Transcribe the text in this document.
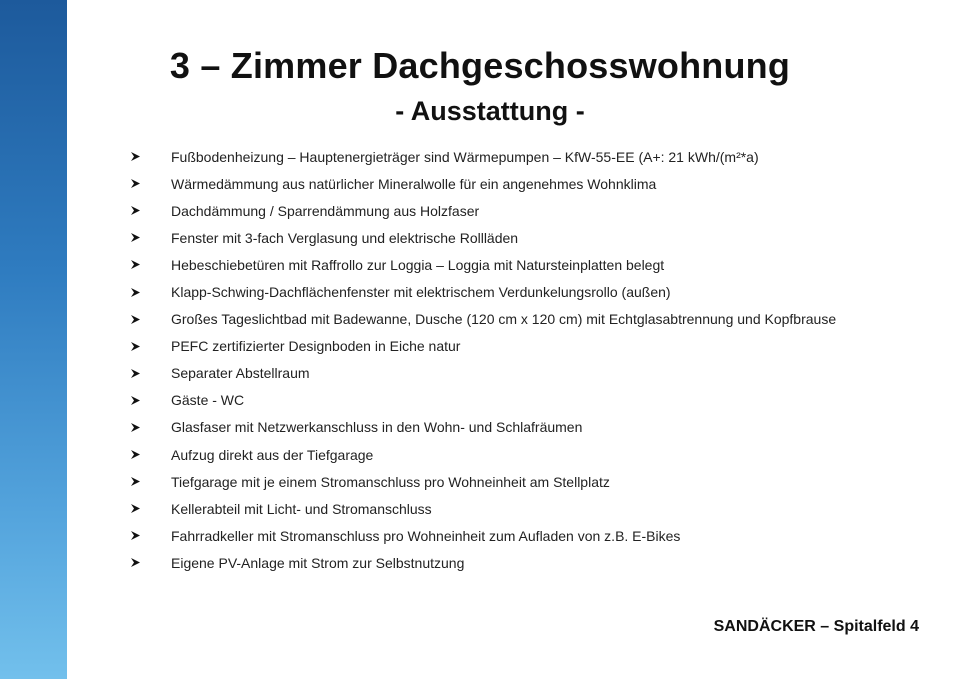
3 – Zimmer Dachgeschosswohnung
- Ausstattung -
Fußbodenheizung – Hauptenergieträger sind Wärmepumpen – KfW-55-EE (A+: 21 kWh/(m²*a)
Wärmedämmung aus natürlicher Mineralwolle für ein angenehmes Wohnklima
Dachdämmung / Sparrendämmung aus Holzfaser
Fenster mit 3-fach Verglasung und elektrische Rollläden
Hebeschiebetüren mit Raffrollo zur Loggia – Loggia mit Natursteinplatten belegt
Klapp-Schwing-Dachflächenfenster mit elektrischem Verdunkelungsrollo (außen)
Großes Tageslichtbad mit Badewanne, Dusche (120 cm x 120 cm) mit Echtglasabtrennung und Kopfbrause
PEFC zertifizierter Designboden in Eiche natur
Separater Abstellraum
Gäste - WC
Glasfaser mit Netzwerkanschluss in den Wohn- und Schlafräumen
Aufzug direkt aus der Tiefgarage
Tiefgarage mit je einem Stromanschluss pro Wohneinheit am Stellplatz
Kellerabteil mit Licht- und Stromanschluss
Fahrradkeller mit Stromanschluss pro Wohneinheit zum Aufladen von z.B. E-Bikes
Eigene PV-Anlage mit Strom zur Selbstnutzung
SANDÄCKER – Spitalfeld 4
